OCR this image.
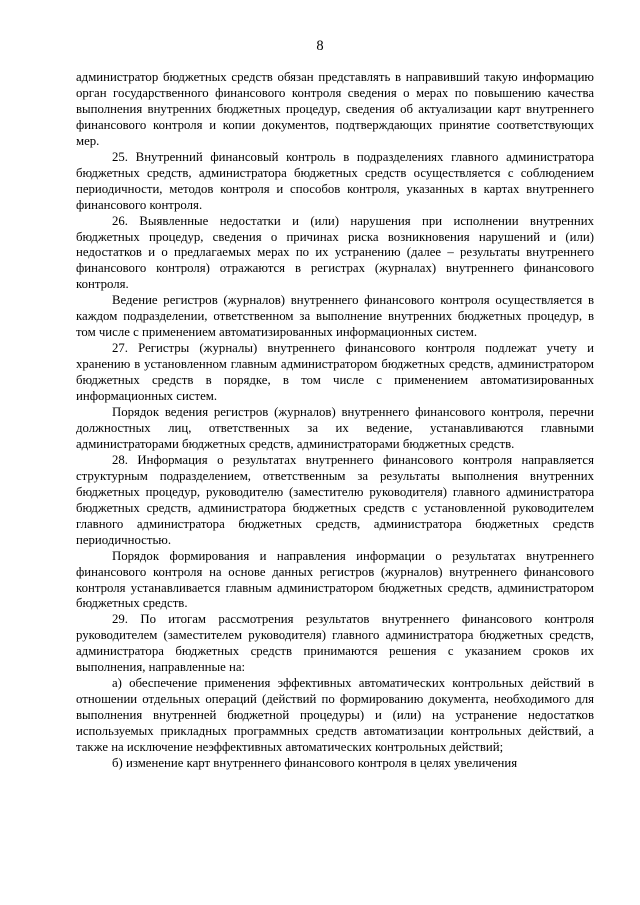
8

администратор бюджетных средств обязан представлять в направивший такую информацию орган государственного финансового контроля сведения о мерах по повышению качества выполнения внутренних бюджетных процедур, сведения об актуализации карт внутреннего финансового контроля и копии документов, подтверждающих принятие соответствующих мер.

25. Внутренний финансовый контроль в подразделениях главного администратора бюджетных средств, администратора бюджетных средств осуществляется с соблюдением периодичности, методов контроля и способов контроля, указанных в картах внутреннего финансового контроля.

26. Выявленные недостатки и (или) нарушения при исполнении внутренних бюджетных процедур, сведения о причинах риска возникновения нарушений и (или) недостатков и о предлагаемых мерах по их устранению (далее – результаты внутреннего финансового контроля) отражаются в регистрах (журналах) внутреннего финансового контроля.

Ведение регистров (журналов) внутреннего финансового контроля осуществляется в каждом подразделении, ответственном за выполнение внутренних бюджетных процедур, в том числе с применением автоматизированных информационных систем.

27. Регистры (журналы) внутреннего финансового контроля подлежат учету и хранению в установленном главным администратором бюджетных средств, администратором бюджетных средств в порядке, в том числе с применением автоматизированных информационных систем.

Порядок ведения регистров (журналов) внутреннего финансового контроля, перечни должностных лиц, ответственных за их ведение, устанавливаются главными администраторами бюджетных средств, администраторами бюджетных средств.

28. Информация о результатах внутреннего финансового контроля направляется структурным подразделением, ответственным за результаты выполнения внутренних бюджетных процедур, руководителю (заместителю руководителя) главного администратора бюджетных средств, администратора бюджетных средств с установленной руководителем главного администратора бюджетных средств, администратора бюджетных средств периодичностью.

Порядок формирования и направления информации о результатах внутреннего финансового контроля на основе данных регистров (журналов) внутреннего финансового контроля устанавливается главным администратором бюджетных средств, администратором бюджетных средств.

29. По итогам рассмотрения результатов внутреннего финансового контроля руководителем (заместителем руководителя) главного администратора бюджетных средств, администратора бюджетных средств принимаются решения с указанием сроков их выполнения, направленные на:

а) обеспечение применения эффективных автоматических контрольных действий в отношении отдельных операций (действий по формированию документа, необходимого для выполнения внутренней бюджетной процедуры) и (или) на устранение недостатков используемых прикладных программных средств автоматизации контрольных действий, а также на исключение неэффективных автоматических контрольных действий;

б) изменение карт внутреннего финансового контроля в целях увеличения
